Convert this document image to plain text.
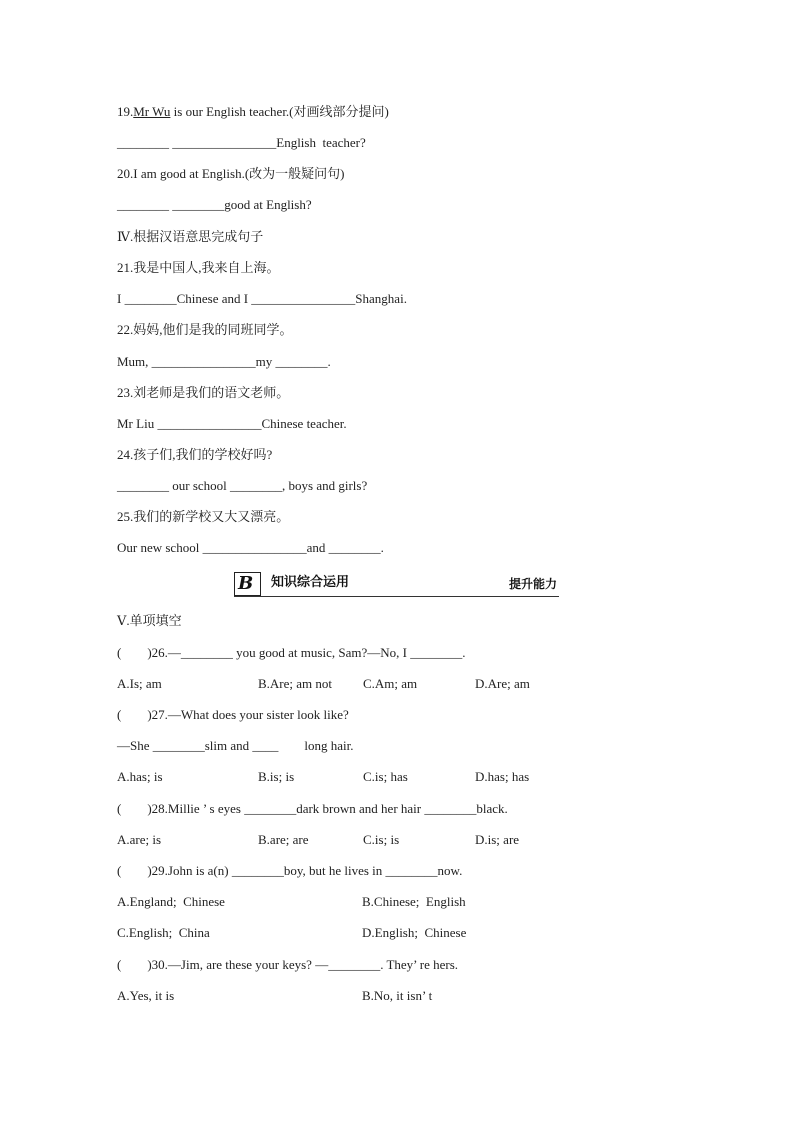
19.Mr Wu is our English teacher.(对画线部分提问)
________ ________________English  teacher?
20.I am good at English.(改为一般疑问句)
________ ________good at English?
Ⅳ.根据汉语意思完成句子
21.我是中国人,我来自上海。
I ________Chinese and I ________________Shanghai.
22.妈妈,他们是我的同班同学。
Mum, ________________my ________.
23.刘老师是我们的语文老师。
Mr Liu ________________Chinese teacher.
24.孩子们,我们的学校好吗?
________ our school ________, boys and girls?
25.我们的新学校又大又漂亮。
Our new school ________________and ________.
B 知识综合运用	提升能力
Ⅴ.单项填空
(        )26.—________ you good at music, Sam?—No, I ________.
A.Is; am	B.Are; am not C.Am; am	D.Are; am
(        )27.—What does your sister look like?
—She ________slim and ____        long hair.
A.has; is	B.is; is	C.is; has	D.has; has
(        )28.Millie ’ s eyes ________dark brown and her hair ________black.
A.are; is	B.are; are	C.is; is	D.is; are
(        )29.John is a(n) ________boy, but he lives in ________now.
A.England;  Chinese	B.Chinese;  English
C.English;  China	D.English;  Chinese
(        )30.—Jim, are these your keys? —________. They’ re hers.
A.Yes, it is	B.No, it isn’ t
